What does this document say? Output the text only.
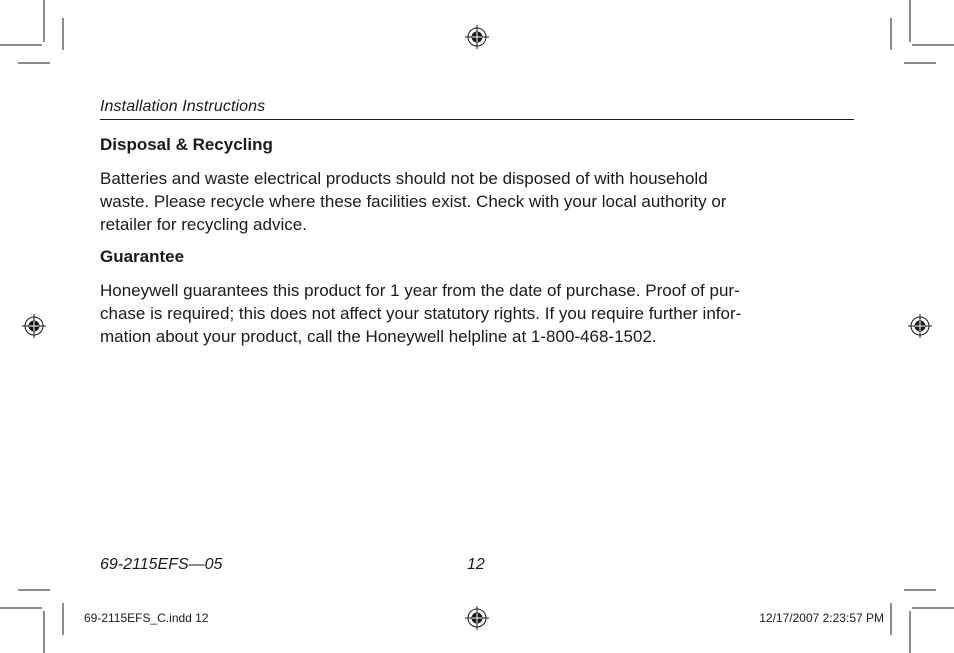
Installation Instructions
Disposal & Recycling

Batteries and waste electrical products should not be disposed of with household
waste. Please recycle where these facilities exist. Check with your local authority or
retailer for recycling advice.

Guarantee

Honeywell guarantees this product for 1 year from the date of purchase. Proof of pur-
chase is required; this does not affect your statutory rights. If you require further infor-
mation about your product, call the Honeywell helpline at 1-800-468-1502.

69-2115EFS—05	12
69-2115EFS_C.indd 12	12/17/2007 2:23:57 PM
